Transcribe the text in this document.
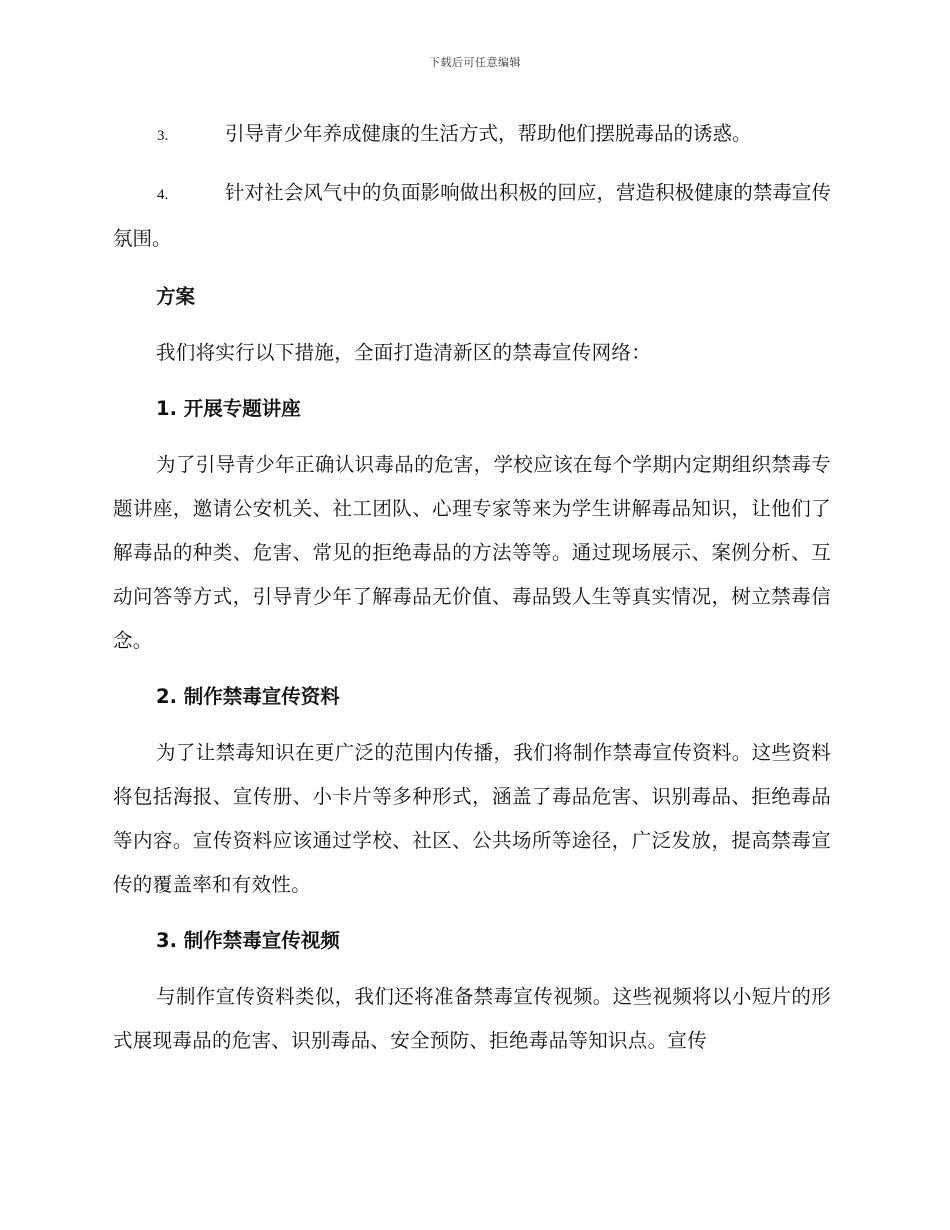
下载后可任意编辑

3.	引导青少年养成健康的生活方式，帮助他们摆脱毒品的诱惑。

4.	针对社会风气中的负面影响做出积极的回应，营造积极健康的禁毒宣传氛围。

方案

我们将实行以下措施，全面打造清新区的禁毒宣传网络：

1. 开展专题讲座

为了引导青少年正确认识毒品的危害，学校应该在每个学期内定期组织禁毒专题讲座，邀请公安机关、社工团队、心理专家等来为学生讲解毒品知识，让他们了解毒品的种类、危害、常见的拒绝毒品的方法等等。通过现场展示、案例分析、互动问答等方式，引导青少年了解毒品无价值、毒品毁人生等真实情况，树立禁毒信念。

2. 制作禁毒宣传资料

为了让禁毒知识在更广泛的范围内传播，我们将制作禁毒宣传资料。这些资料将包括海报、宣传册、小卡片等多种形式，涵盖了毒品危害、识别毒品、拒绝毒品等内容。宣传资料应该通过学校、社区、公共场所等途径，广泛发放，提高禁毒宣传的覆盖率和有效性。

3. 制作禁毒宣传视频

与制作宣传资料类似，我们还将准备禁毒宣传视频。这些视频将以小短片的形式展现毒品的危害、识别毒品、安全预防、拒绝毒品等知识点。宣传
